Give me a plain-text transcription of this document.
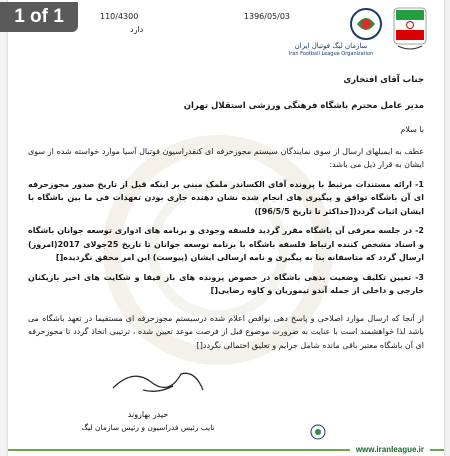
سازمان لیگ فوتبال ایران
Iran Football League Organization
1396/05/03
110/4300
دارد
جناب آقای افتخاری
مدیر عامل محترم باشگاه فرهنگی ورزشی استقلال تهران
با سلام

عطف به ایمیلهای ارسال از سوی نمایندگان سیستم مجوزحرفه ای کنفدراسیون فوتبال آسیا موارد خواسته شده از سوی ایشان به قرار ذیل می باشد:

1- ارائه مستندات مرتبط با پرونده آقای الکساندر ملمک مبنی بر اینکه قبل از تاریخ صدور مجوزحرفه ای آن باشگاه توافق و پیگیری های انجام شده نشان دهنده جاری بودن تعهدات فی ما بین باشگاه با ایشان اثبات گردد([حداکثر تا تاریخ 96/5/5])

2- در جلسه معرفی آن باشگاه مقرر گردید فلسفه وجودی و برنامه های ادواری توسعه جوانان باشگاه و اسناد مشخص کننده ارتباط فلسفه باشگاه با برنامه توسعه جوانان تا تاریخ 25جولای 2017(امروز) ارسال گردد که متاسفانه بنا به پیگیری و نامه ارسالی ایشان (پیوست) این امر محقق نگردیده[]

3- تعیین تکلیف وضعیت بدهی باشگاه در خصوص پرونده های باز فیفا و شکایت های اخیر بازیکنان خارجی و داخلی از جمله آندو تیموریان و کاوه رضایی[]

از آنجا که ارسال موارد اصلاحی و پاسخ دهی نواقص اعلام شده درسیستم مجوزحرفه ای مستقیما در تعهد باشگاه می باشد لذا خواهشمند است با عنایت به ضرورت موضوع قبل از فرصت موعد تعیین شده ، ترتیبی اتخاذ گردد تا مجوزحرفه ای آن باشگاه معتبر باقی مانده شامل جرایم و تعلیق احتمالی نگردد[]

حیدر بهاروند
نایب رئیس فدراسیون و رئیس سازمان لیگ
www.iranleague.ir
1 of 1
